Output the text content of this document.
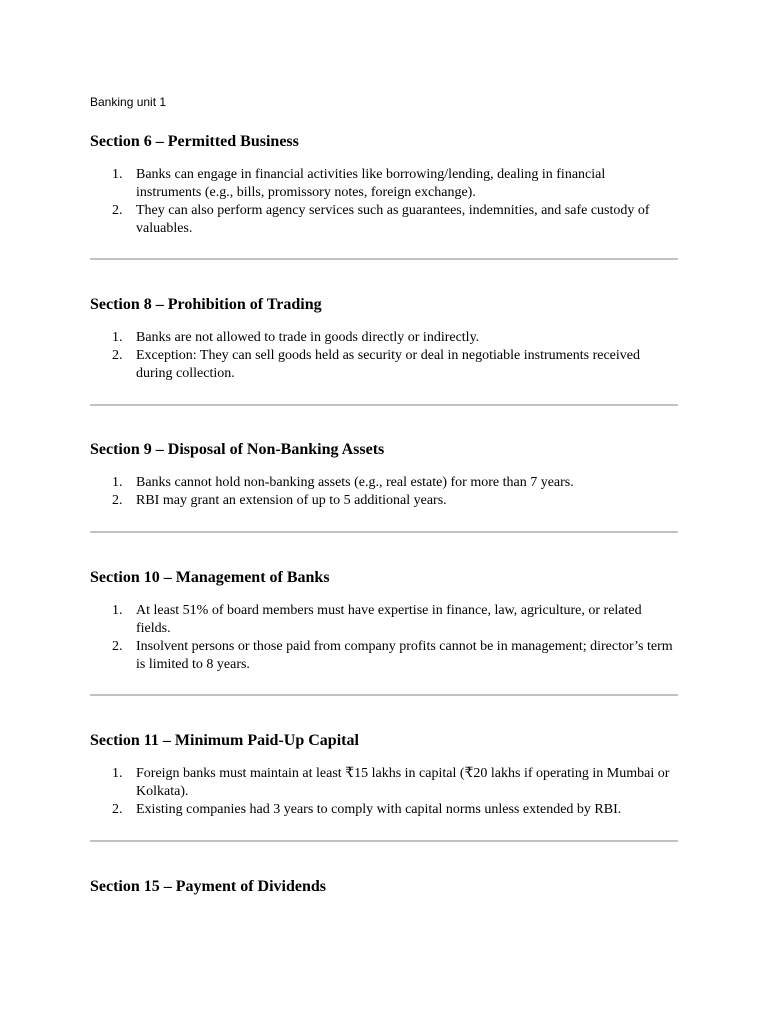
Banking unit 1
Section 6 – Permitted Business
1. Banks can engage in financial activities like borrowing/lending, dealing in financial instruments (e.g., bills, promissory notes, foreign exchange).
2. They can also perform agency services such as guarantees, indemnities, and safe custody of valuables.
Section 8 – Prohibition of Trading
1. Banks are not allowed to trade in goods directly or indirectly.
2. Exception: They can sell goods held as security or deal in negotiable instruments received during collection.
Section 9 – Disposal of Non-Banking Assets
1. Banks cannot hold non-banking assets (e.g., real estate) for more than 7 years.
2. RBI may grant an extension of up to 5 additional years.
Section 10 – Management of Banks
1. At least 51% of board members must have expertise in finance, law, agriculture, or related fields.
2. Insolvent persons or those paid from company profits cannot be in management; director’s term is limited to 8 years.
Section 11 – Minimum Paid-Up Capital
1. Foreign banks must maintain at least ₹15 lakhs in capital (₹20 lakhs if operating in Mumbai or Kolkata).
2. Existing companies had 3 years to comply with capital norms unless extended by RBI.
Section 15 – Payment of Dividends
